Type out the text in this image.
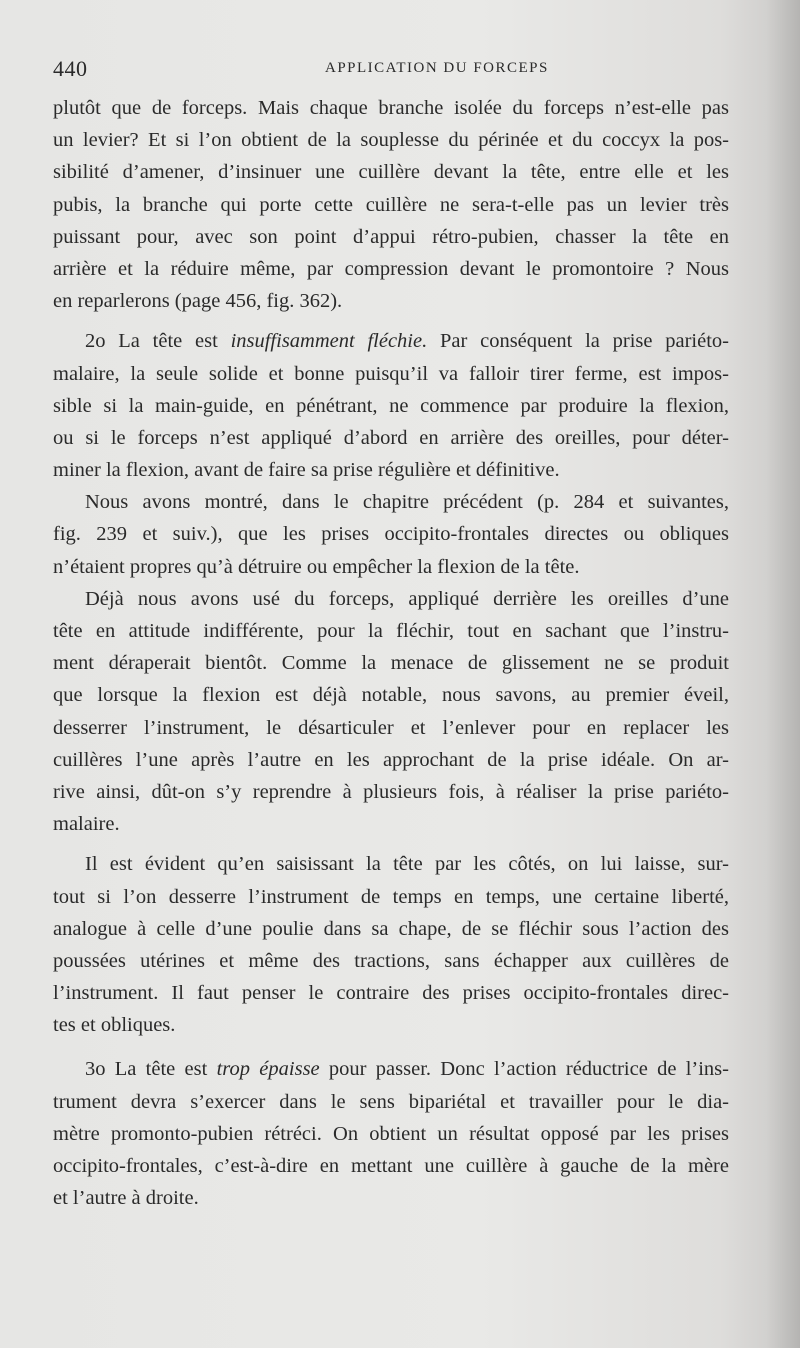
440	APPLICATION DU FORCEPS
plutôt que de forceps. Mais chaque branche isolée du forceps n’est-elle pas
un levier? Et si l’on obtient de la souplesse du périnée et du coccyx la pos-
sibilité d’amener, d’insinuer une cuillère devant la tête, entre elle et les
pubis, la branche qui porte cette cuillère ne sera-t-elle pas un levier très
puissant pour, avec son point d’appui rétro-pubien, chasser la tête en
arrière et la réduire même, par compression devant le promontoire ? Nous
en reparlerons (page 456, fig. 362).
2o La tête est insuffisamment fléchie. Par conséquent la prise pariéto-
malaire, la seule solide et bonne puisqu’il va falloir tirer ferme, est impos-
sible si la main-guide, en pénétrant, ne commence par produire la flexion,
ou si le forceps n’est appliqué d’abord en arrière des oreilles, pour déter-
miner la flexion, avant de faire sa prise régulière et définitive.
Nous avons montré, dans le chapitre précédent (p. 284 et suivantes,
fig. 239 et suiv.), que les prises occipito-frontales directes ou obliques
n’étaient propres qu’à détruire ou empêcher la flexion de la tête.
Déjà nous avons usé du forceps, appliqué derrière les oreilles d’une
tête en attitude indifférente, pour la fléchir, tout en sachant que l’instru-
ment déraperait bientôt. Comme la menace de glissement ne se produit
que lorsque la flexion est déjà notable, nous savons, au premier éveil,
desserrer l’instrument, le désarticuler et l’enlever pour en replacer les
cuillères l’une après l’autre en les approchant de la prise idéale. On ar-
rive ainsi, dût-on s’y reprendre à plusieurs fois, à réaliser la prise pariéto-
malaire.
Il est évident qu’en saisissant la tête par les côtés, on lui laisse, sur-
tout si l’on desserre l’instrument de temps en temps, une certaine liberté,
analogue à celle d’une poulie dans sa chape, de se fléchir sous l’action des
poussées utérines et même des tractions, sans échapper aux cuillères de
l’instrument. Il faut penser le contraire des prises occipito-frontales direc-
tes et obliques.
3o La tête est trop épaisse pour passer. Donc l’action réductrice de l’ins-
trument devra s’exercer dans le sens bipariétal et travailler pour le dia-
mètre promonto-pubien rétréci. On obtient un résultat opposé par les prises
occipito-frontales, c’est-à-dire en mettant une cuillère à gauche de la mère
et l’autre à droite.
